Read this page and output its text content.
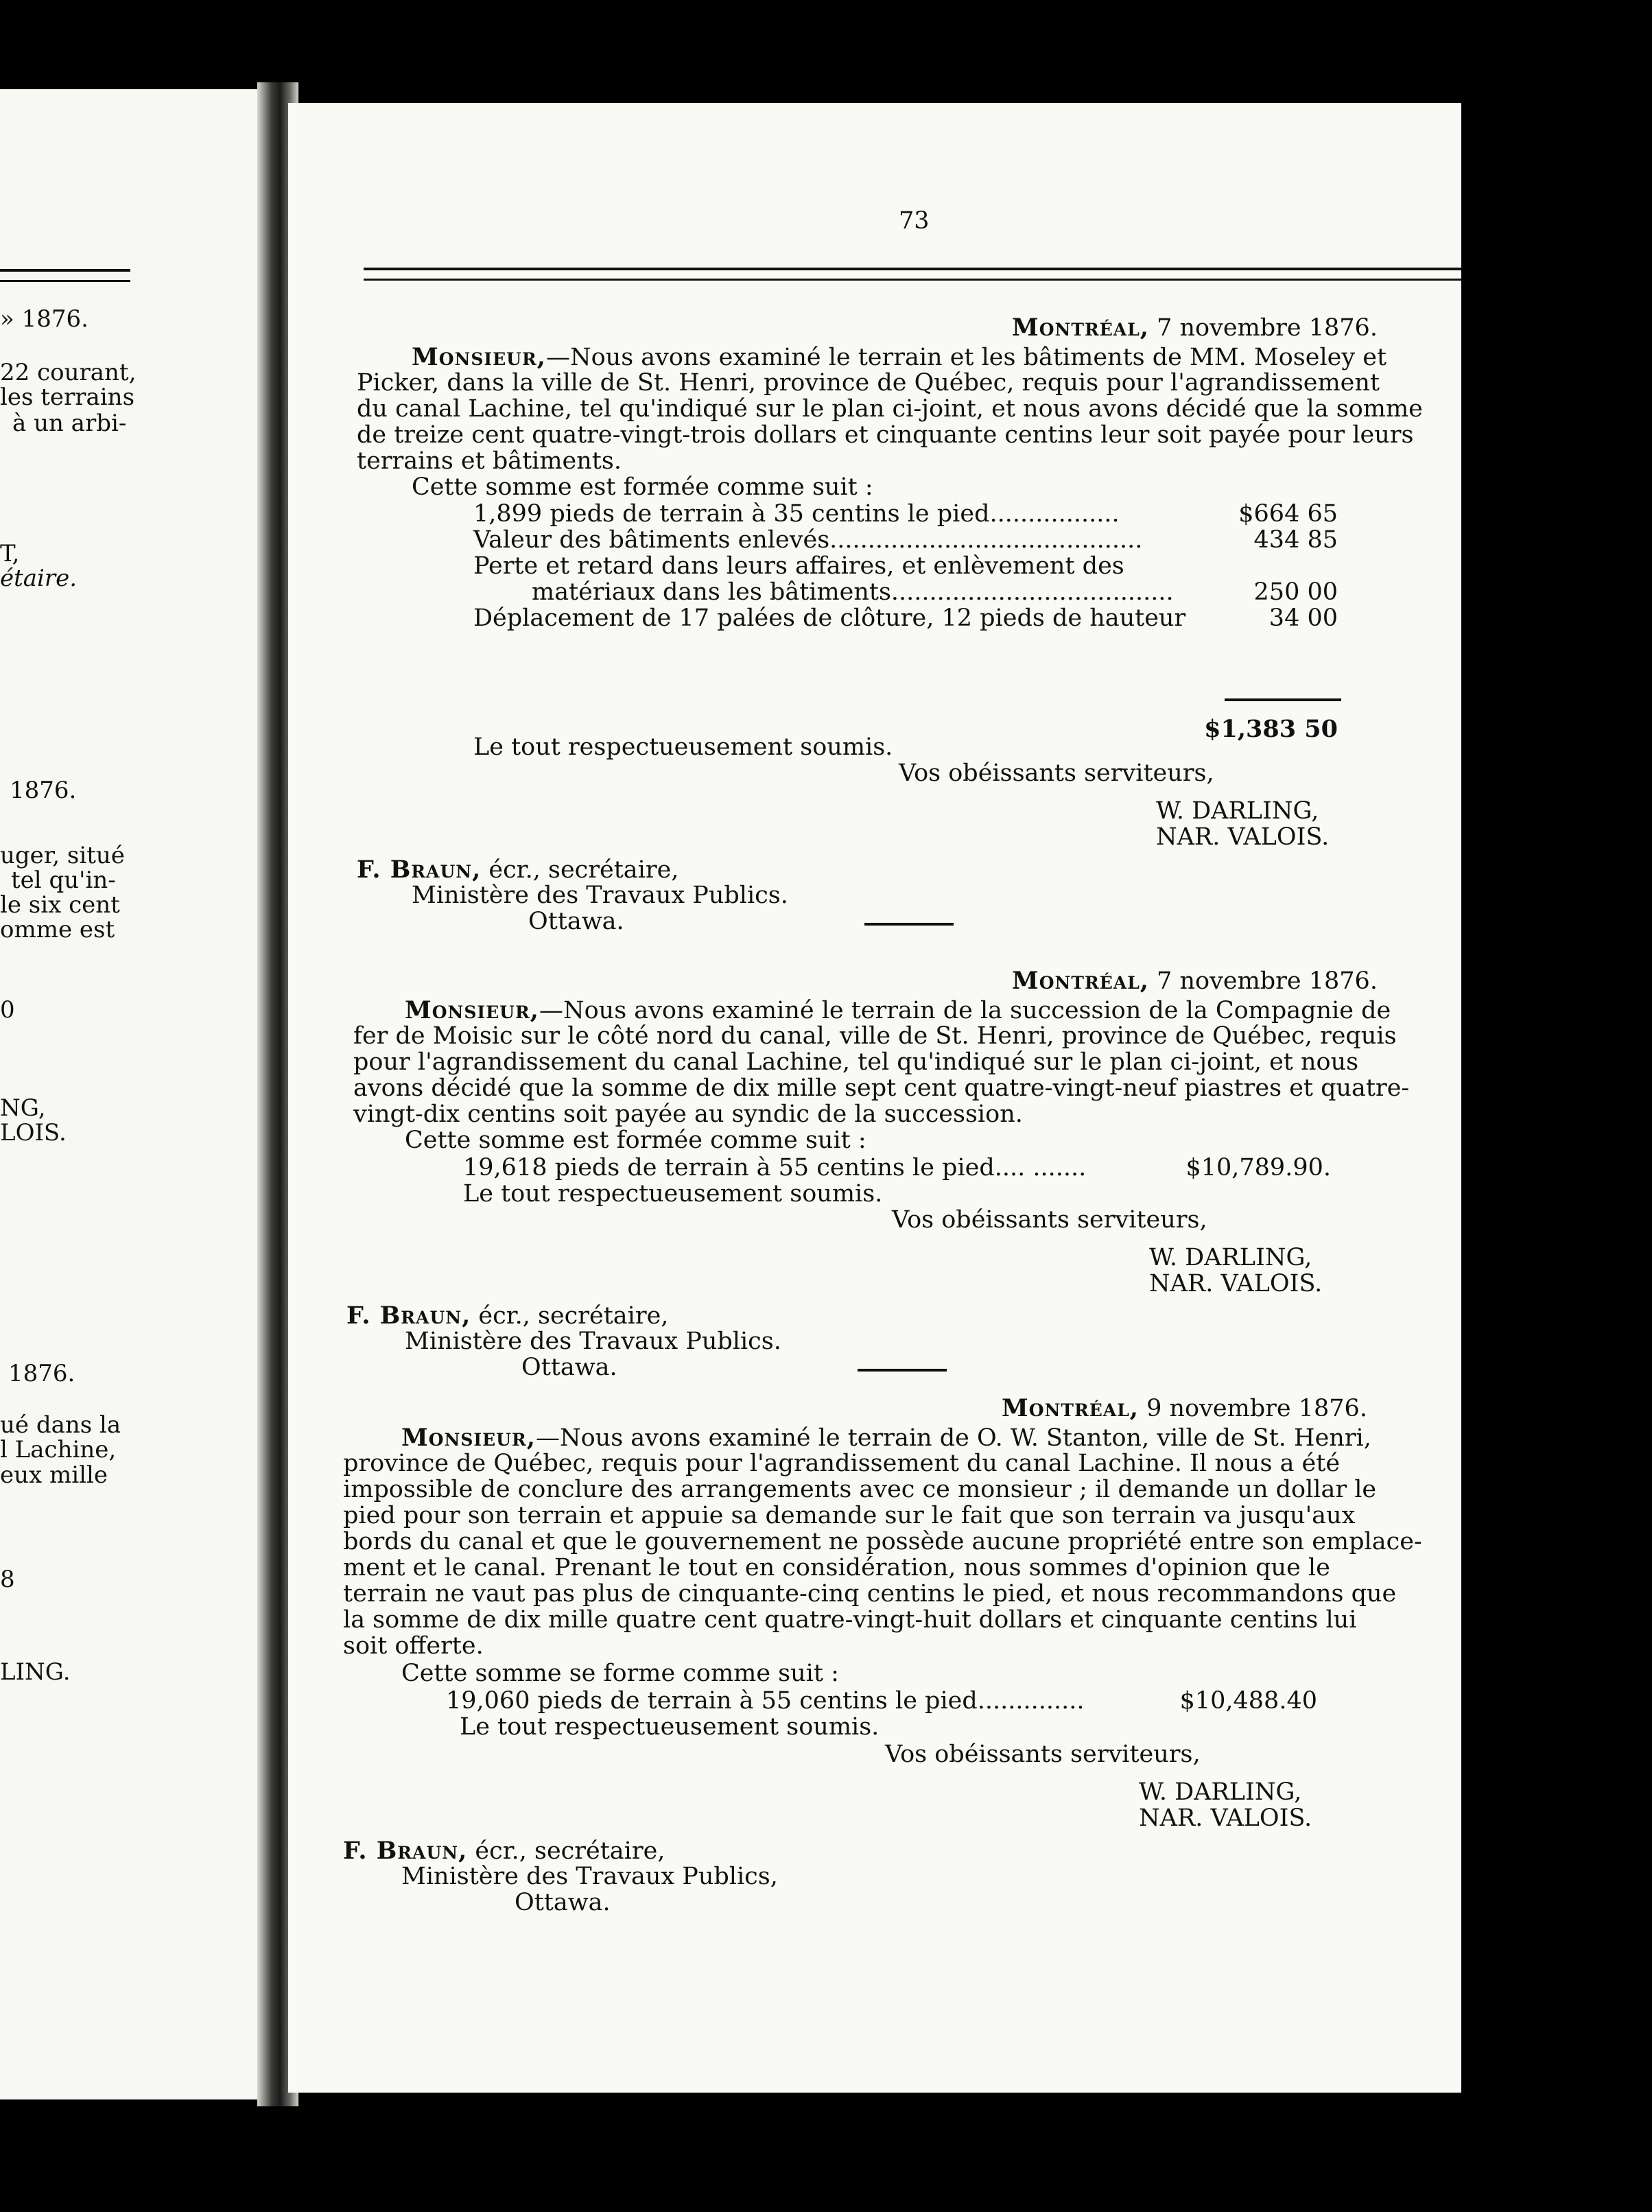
» 1876.
22 courant,
les terrains
à un arbi-
T,
étaire.
1876.
uger, situé
tel qu'in-
le six cent
omme est
0
NG,
LOIS.
1876.
ué dans la
l Lachine,
eux mille
8
LING.
73
Montréal, 7 novembre 1876.
Monsieur,—Nous avons examiné le terrain et les bâtiments de MM. Moseley et
Picker, dans la ville de St. Henri, province de Québec, requis pour l'agrandissement
du canal Lachine, tel qu'indiqué sur le plan ci-joint, et nous avons décidé que la somme
de treize cent quatre-vingt-trois dollars et cinquante centins leur soit payée pour leurs
terrains et bâtiments.
Cette somme est formée comme suit :
1,899 pieds de terrain à 35 centins le pied.................	$664 65
Valeur des bâtiments enlevés.........................................	434 85
Perte et retard dans leurs affaires, et enlèvement des
matériaux dans les bâtiments.....................................	250 00
Déplacement de 17 palées de clôture, 12 pieds de hauteur	34 00
$1,383 50
Le tout respectueusement soumis.
Vos obéissants serviteurs,
W. DARLING,
NAR. VALOIS.
F. Braun, écr., secrétaire,
Ministère des Travaux Publics.
Ottawa.
Montréal, 7 novembre 1876.
Monsieur,—Nous avons examiné le terrain de la succession de la Compagnie de
fer de Moisic sur le côté nord du canal, ville de St. Henri, province de Québec, requis
pour l'agrandissement du canal Lachine, tel qu'indiqué sur le plan ci-joint, et nous
avons décidé que la somme de dix mille sept cent quatre-vingt-neuf piastres et quatre-
vingt-dix centins soit payée au syndic de la succession.
Cette somme est formée comme suit :
19,618 pieds de terrain à 55 centins le pied.... .......	$10,789.90.
Le tout respectueusement soumis.
Vos obéissants serviteurs,
W. DARLING,
NAR. VALOIS.
F. Braun, écr., secrétaire,
Ministère des Travaux Publics.
Ottawa.
Montréal, 9 novembre 1876.
Monsieur,—Nous avons examiné le terrain de O. W. Stanton, ville de St. Henri,
province de Québec, requis pour l'agrandissement du canal Lachine. Il nous a été
impossible de conclure des arrangements avec ce monsieur ; il demande un dollar le
pied pour son terrain et appuie sa demande sur le fait que son terrain va jusqu'aux
bords du canal et que le gouvernement ne possède aucune propriété entre son emplace-
ment et le canal. Prenant le tout en considération, nous sommes d'opinion que le
terrain ne vaut pas plus de cinquante-cinq centins le pied, et nous recommandons que
la somme de dix mille quatre cent quatre-vingt-huit dollars et cinquante centins lui
soit offerte.
Cette somme se forme comme suit :
19,060 pieds de terrain à 55 centins le pied..............	$10,488.40
Le tout respectueusement soumis.
Vos obéissants serviteurs,
W. DARLING,
NAR. VALOIS.
F. Braun, écr., secrétaire,
Ministère des Travaux Publics,
Ottawa.
